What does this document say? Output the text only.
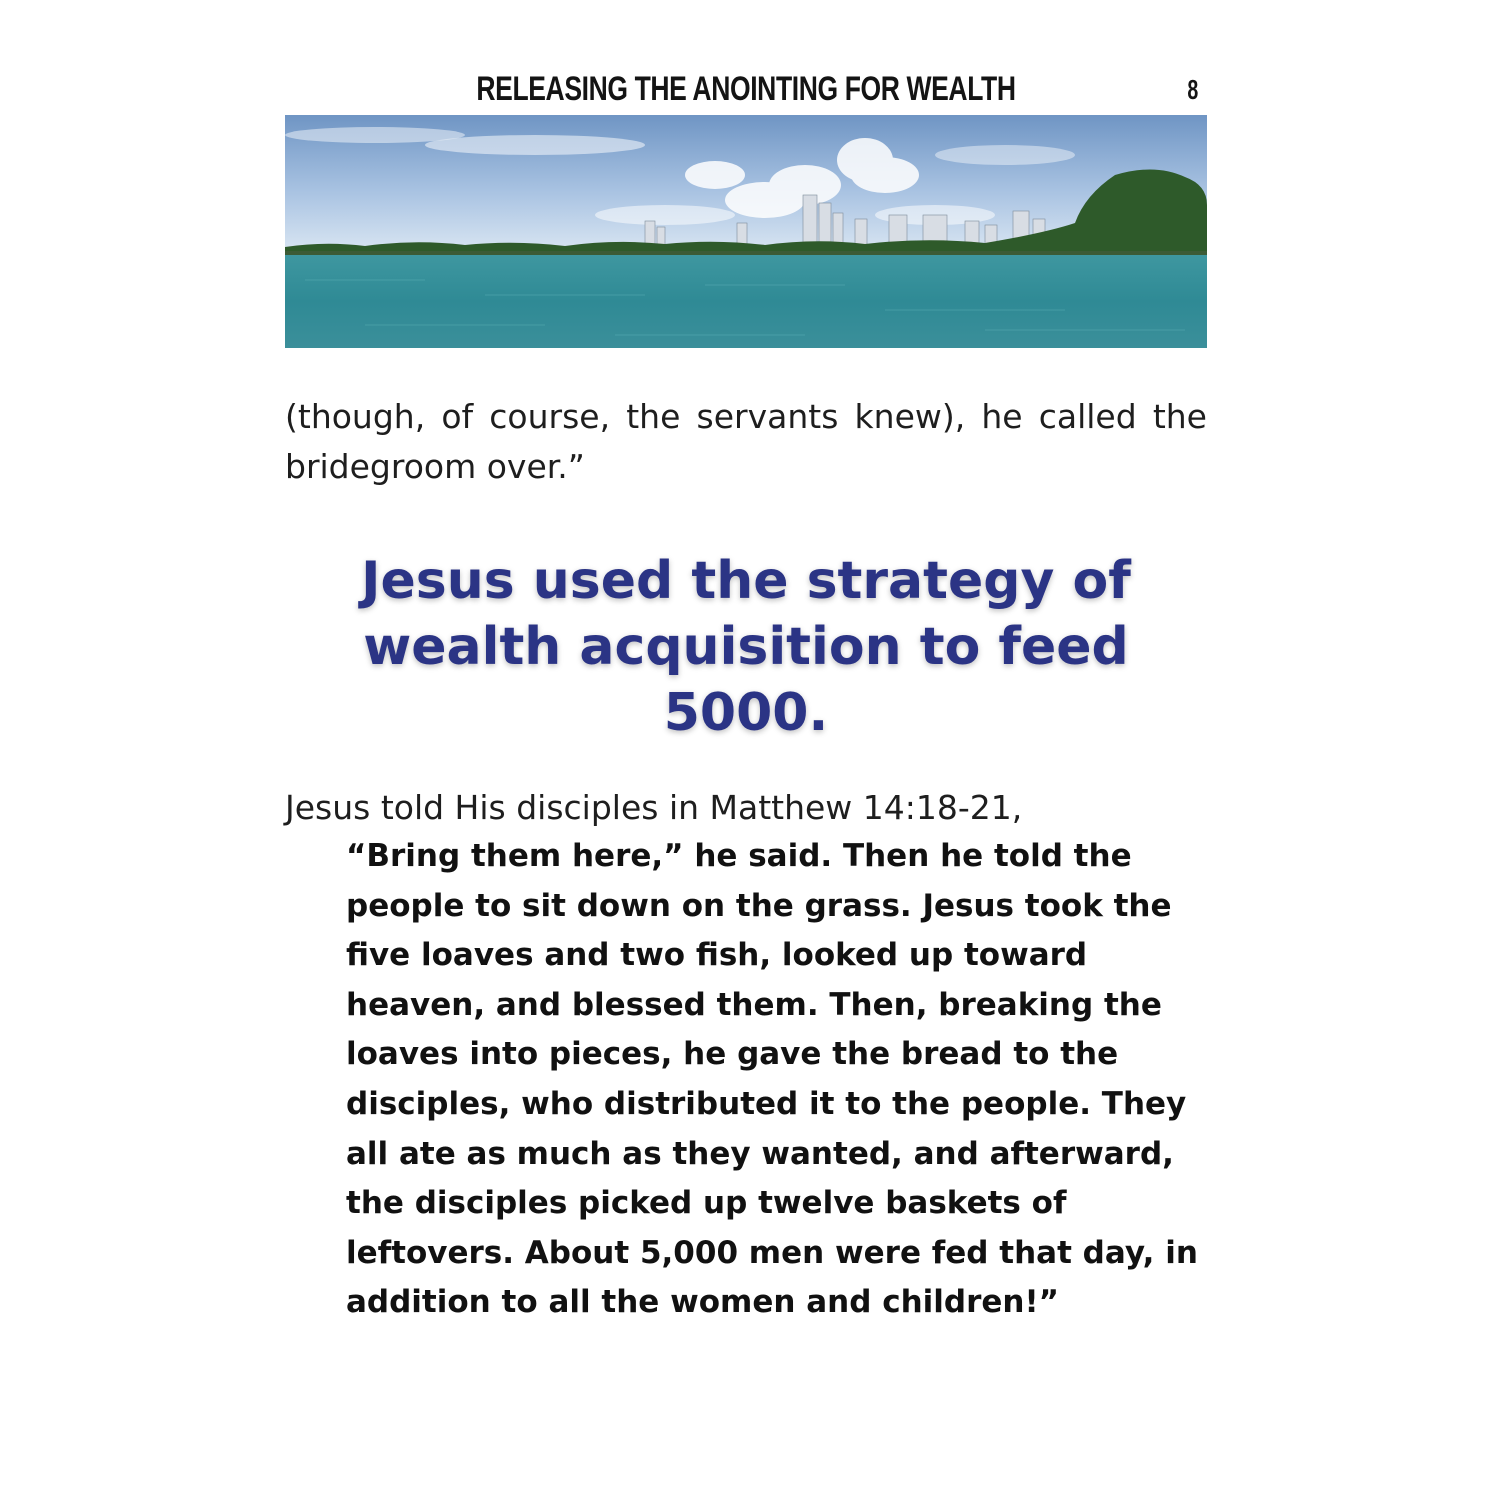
RELEASING THE ANOINTING FOR WEALTH	8
(though, of course, the servants knew), he called the bridegroom over.”
Jesus used the strategy of
wealth acquisition to feed
5000.
Jesus told His disciples in Matthew 14:18-21,
“Bring them here,” he said. Then he told the
people to sit down on the grass. Jesus took the
five loaves and two fish, looked up toward
heaven, and blessed them. Then, breaking the
loaves into pieces, he gave the bread to the
disciples, who distributed it to the people. They
all ate as much as they wanted, and afterward,
the disciples picked up twelve baskets of
leftovers. About 5,000 men were fed that day, in
addition to all the women and children!”
